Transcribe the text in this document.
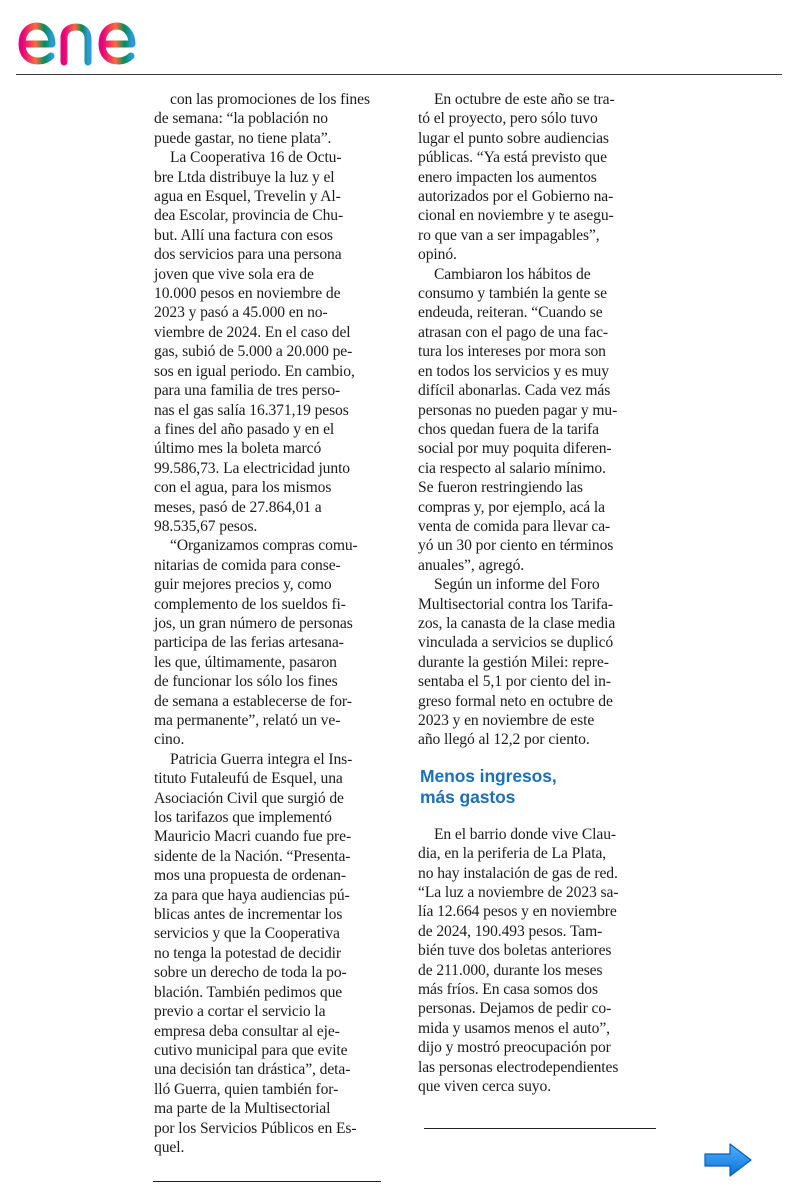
con las promociones de los fines
de semana: “la población no
puede gastar, no tiene plata”.

La Cooperativa 16 de Octu-
bre Ltda distribuye la luz y el
agua en Esquel, Trevelin y Al-
dea Escolar, provincia de Chu-
but. Allí una factura con esos
dos servicios para una persona
joven que vive sola era de
10.000 pesos en noviembre de
2023 y pasó a 45.000 en no-
viembre de 2024. En el caso del
gas, subió de 5.000 a 20.000 pe-
sos en igual periodo. En cambio,
para una familia de tres perso-
nas el gas salía 16.371,19 pesos
a fines del año pasado y en el
último mes la boleta marcó
99.586,73. La electricidad junto
con el agua, para los mismos
meses, pasó de 27.864,01 a
98.535,67 pesos.

“Organizamos compras comu-
nitarias de comida para conse-
guir mejores precios y, como
complemento de los sueldos fi-
jos, un gran número de personas
participa de las ferias artesana-
les que, últimamente, pasaron
de funcionar los sólo los fines
de semana a establecerse de for-
ma permanente”, relató un ve-
cino.

Patricia Guerra integra el Ins-
tituto Futaleufú de Esquel, una
Asociación Civil que surgió de
los tarifazos que implementó
Mauricio Macri cuando fue pre-
sidente de la Nación. “Presenta-
mos una propuesta de ordenan-
za para que haya audiencias pú-
blicas antes de incrementar los
servicios y que la Cooperativa
no tenga la potestad de decidir
sobre un derecho de toda la po-
blación. También pedimos que
previo a cortar el servicio la
empresa deba consultar al eje-
cutivo municipal para que evite
una decisión tan drástica”, deta-
lló Guerra, quien también for-
ma parte de la Multisectorial
por los Servicios Públicos en Es-
quel.

En octubre de este año se tra-
tó el proyecto, pero sólo tuvo
lugar el punto sobre audiencias
públicas. “Ya está previsto que
enero impacten los aumentos
autorizados por el Gobierno na-
cional en noviembre y te asegu-
ro que van a ser impagables”,
opinó.

Cambiaron los hábitos de
consumo y también la gente se
endeuda, reiteran. “Cuando se
atrasan con el pago de una fac-
tura los intereses por mora son
en todos los servicios y es muy
difícil abonarlas. Cada vez más
personas no pueden pagar y mu-
chos quedan fuera de la tarifa
social por muy poquita diferen-
cia respecto al salario mínimo.
Se fueron restringiendo las
compras y, por ejemplo, acá la
venta de comida para llevar ca-
yó un 30 por ciento en términos
anuales”, agregó.

Según un informe del Foro
Multisectorial contra los Tarifa-
zos, la canasta de la clase media
vinculada a servicios se duplicó
durante la gestión Milei: repre-
sentaba el 5,1 por ciento del in-
greso formal neto en octubre de
2023 y en noviembre de este
año llegó al 12,2 por ciento.

Menos ingresos,
más gastos

En el barrio donde vive Clau-
dia, en la periferia de La Plata,
no hay instalación de gas de red.
“La luz a noviembre de 2023 sa-
lía 12.664 pesos y en noviembre
de 2024, 190.493 pesos. Tam-
bién tuve dos boletas anteriores
de 211.000, durante los meses
más fríos. En casa somos dos
personas. Dejamos de pedir co-
mida y usamos menos el auto”,
dijo y mostró preocupación por
las personas electrodependientes
que viven cerca suyo.
